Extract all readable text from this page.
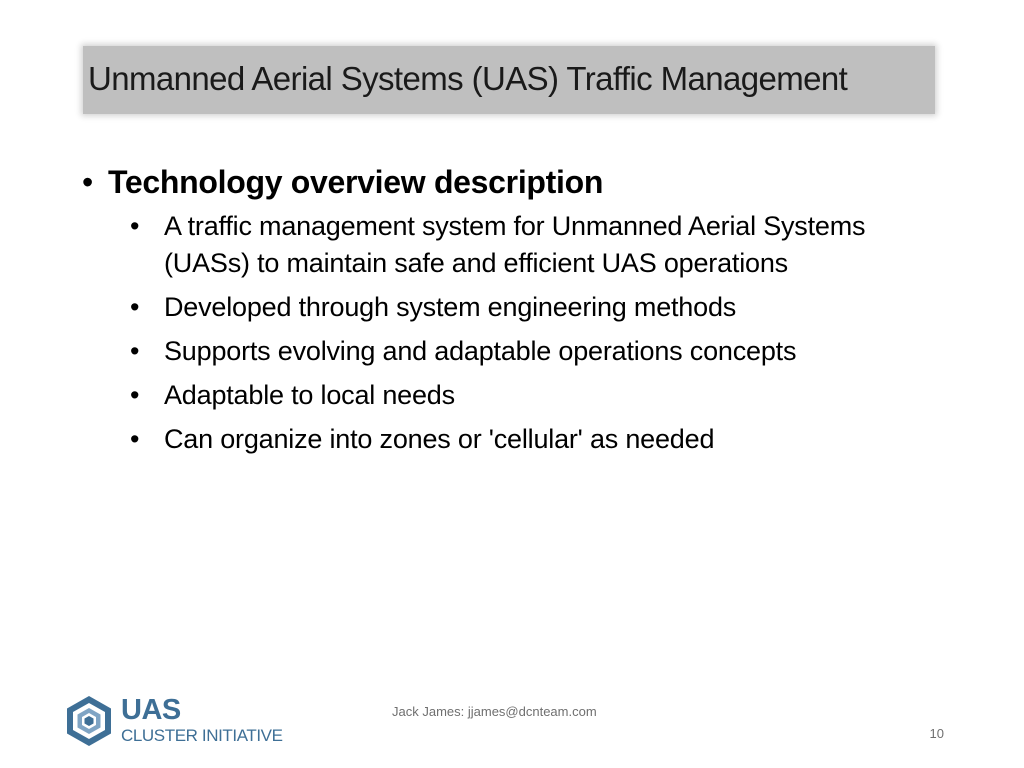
Unmanned Aerial Systems (UAS) Traffic Management
• Technology overview description
• A traffic management system for Unmanned Aerial Systems (UASs) to maintain safe and efficient UAS operations
• Developed through system engineering methods
• Supports evolving and adaptable operations concepts
• Adaptable to local needs
• Can organize into zones or 'cellular' as needed
UAS
CLUSTER INITIATIVE
Jack James: jjames@dcnteam.com
10
